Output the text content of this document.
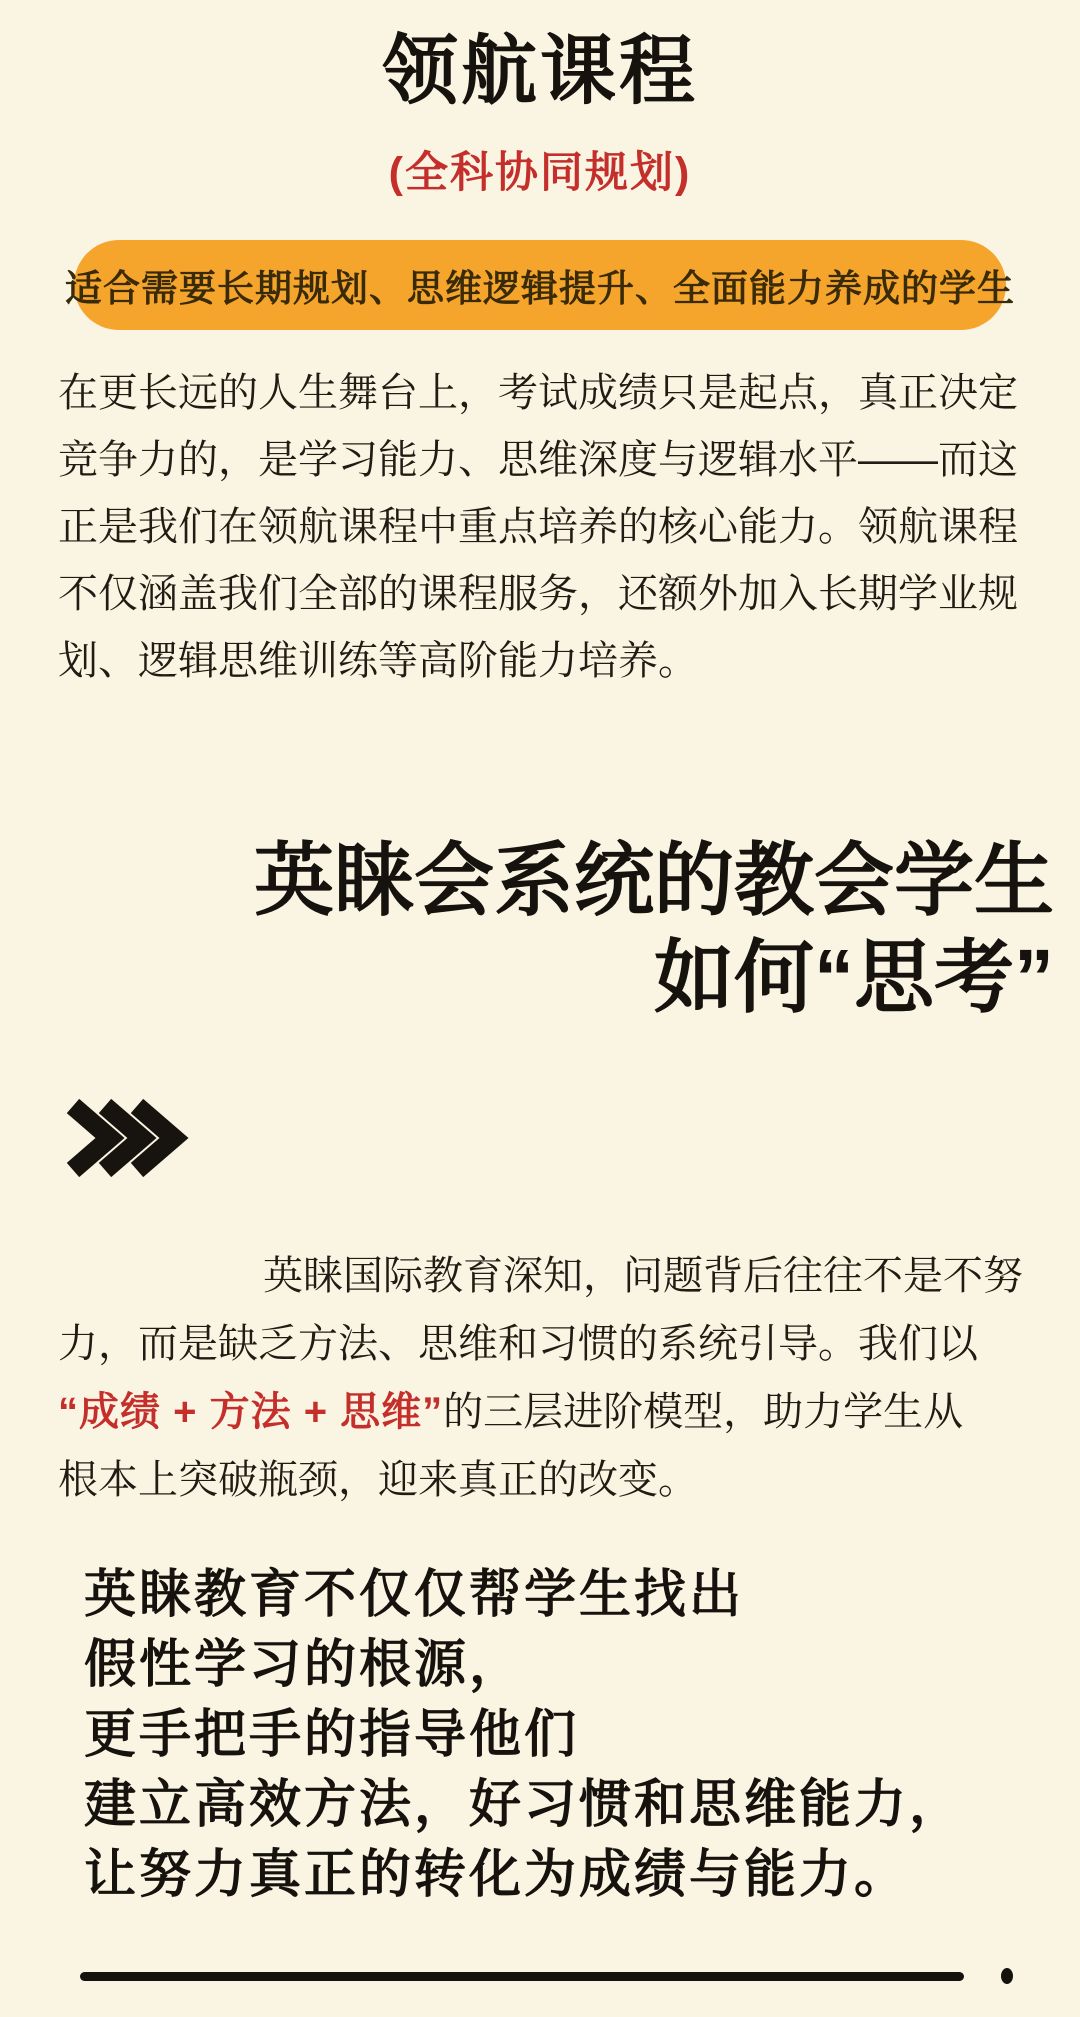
领航课程
(全科协同规划)
适合需要长期规划、思维逻辑提升、全面能力养成的学生
在更长远的人生舞台上，考试成绩只是起点，真正决定
竞争力的，是学习能力、思维深度与逻辑水平——而这
正是我们在领航课程中重点培养的核心能力。领航课程
不仅涵盖我们全部的课程服务，还额外加入长期学业规
划、逻辑思维训练等高阶能力培养。
英睐会系统的教会学生
如何“思考”
英睐国际教育深知，问题背后往往不是不努
力，而是缺乏方法、思维和习惯的系统引导。我们以
“成绩 + 方法 + 思维”的三层进阶模型，助力学生从
根本上突破瓶颈，迎来真正的改变。
英睐教育不仅仅帮学生找出
假性学习的根源，
更手把手的指导他们
建立高效方法，好习惯和思维能力，
让努力真正的转化为成绩与能力。
